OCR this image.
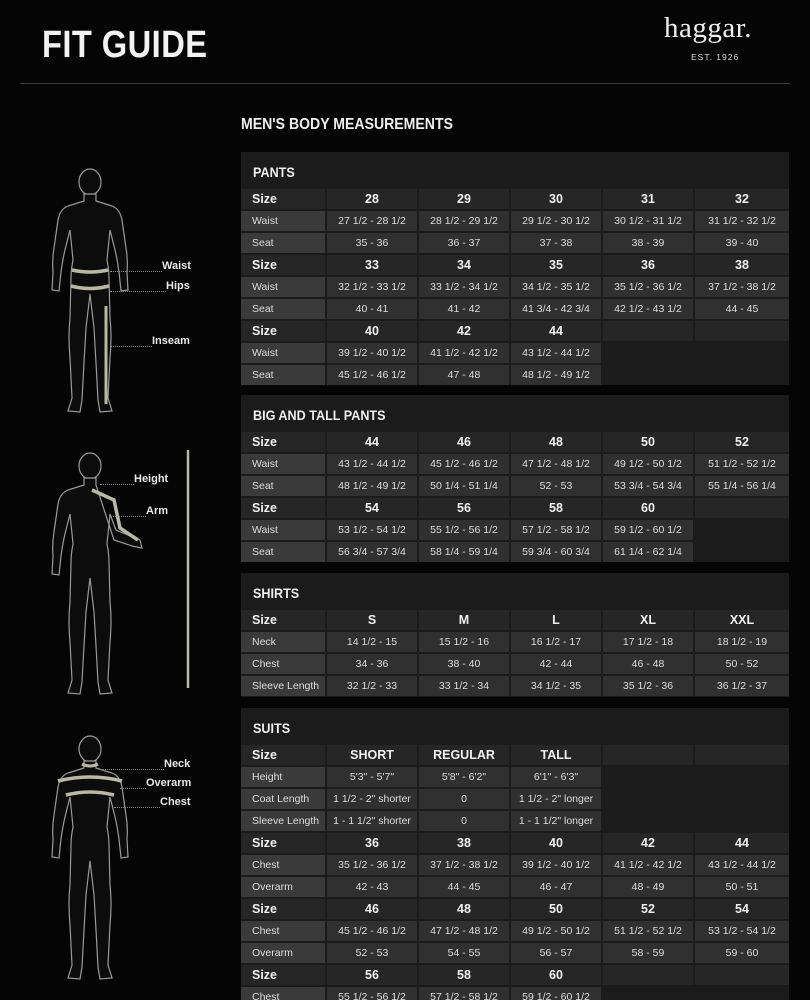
FIT GUIDE	haggar.
EST. 1926
MEN'S BODY MEASUREMENTS
Waist
Hips
Inseam
Height
Arm
Neck
Overarm
Chest
PANTS
Size	28	29	30	31	32
Waist	27 1/2 - 28 1/2	28 1/2 - 29 1/2	29 1/2 - 30 1/2	30 1/2 - 31 1/2	31 1/2 - 32 1/2
Seat	35 - 36	36 - 37	37 - 38	38 - 39	39 - 40
Size	33	34	35	36	38
Waist	32 1/2 - 33 1/2	33 1/2 - 34 1/2	34 1/2 - 35 1/2	35 1/2 - 36 1/2	37 1/2 - 38 1/2
Seat	40 - 41	41 - 42	41 3/4 - 42 3/4	42 1/2 - 43 1/2	44 - 45
Size	40	42	44
Waist	39 1/2 - 40 1/2	41 1/2 - 42 1/2	43 1/2 - 44 1/2
Seat	45 1/2 - 46 1/2	47 - 48	48 1/2 - 49 1/2
BIG AND TALL PANTS
Size	44	46	48	50	52
Waist	43 1/2 - 44 1/2	45 1/2 - 46 1/2	47 1/2 - 48 1/2	49 1/2 - 50 1/2	51 1/2 - 52 1/2
Seat	48 1/2 - 49 1/2	50 1/4 - 51 1/4	52 - 53	53 3/4 - 54 3/4	55 1/4 - 56 1/4
Size	54	56	58	60
Waist	53 1/2 - 54 1/2	55 1/2 - 56 1/2	57 1/2 - 58 1/2	59 1/2 - 60 1/2
Seat	56 3/4 - 57 3/4	58 1/4 - 59 1/4	59 3/4 - 60 3/4	61 1/4 - 62 1/4
SHIRTS
Size	S	M	L	XL	XXL
Neck	14 1/2 - 15	15 1/2 - 16	16 1/2 - 17	17 1/2 - 18	18 1/2 - 19
Chest	34 - 36	38 - 40	42 - 44	46 - 48	50 - 52
Sleeve Length	32 1/2 - 33	33 1/2 - 34	34 1/2 - 35	35 1/2 - 36	36 1/2 - 37
SUITS
Size	SHORT	REGULAR	TALL
Height	5'3" - 5'7"	5'8" - 6'2"	6'1" - 6'3"
Coat Length	1 1/2 - 2" shorter	0	1 1/2 - 2" longer
Sleeve Length	1 - 1 1/2" shorter	0	1 - 1 1/2" longer
Size	36	38	40	42	44
Chest	35 1/2 - 36 1/2	37 1/2 - 38 1/2	39 1/2 - 40 1/2	41 1/2 - 42 1/2	43 1/2 - 44 1/2
Overarm	42 - 43	44 - 45	46 - 47	48 - 49	50 - 51
Size	46	48	50	52	54
Chest	45 1/2 - 46 1/2	47 1/2 - 48 1/2	49 1/2 - 50 1/2	51 1/2 - 52 1/2	53 1/2 - 54 1/2
Overarm	52 - 53	54 - 55	56 - 57	58 - 59	59 - 60
Size	56	58	60
Chest	55 1/2 - 56 1/2	57 1/2 - 58 1/2	59 1/2 - 60 1/2
